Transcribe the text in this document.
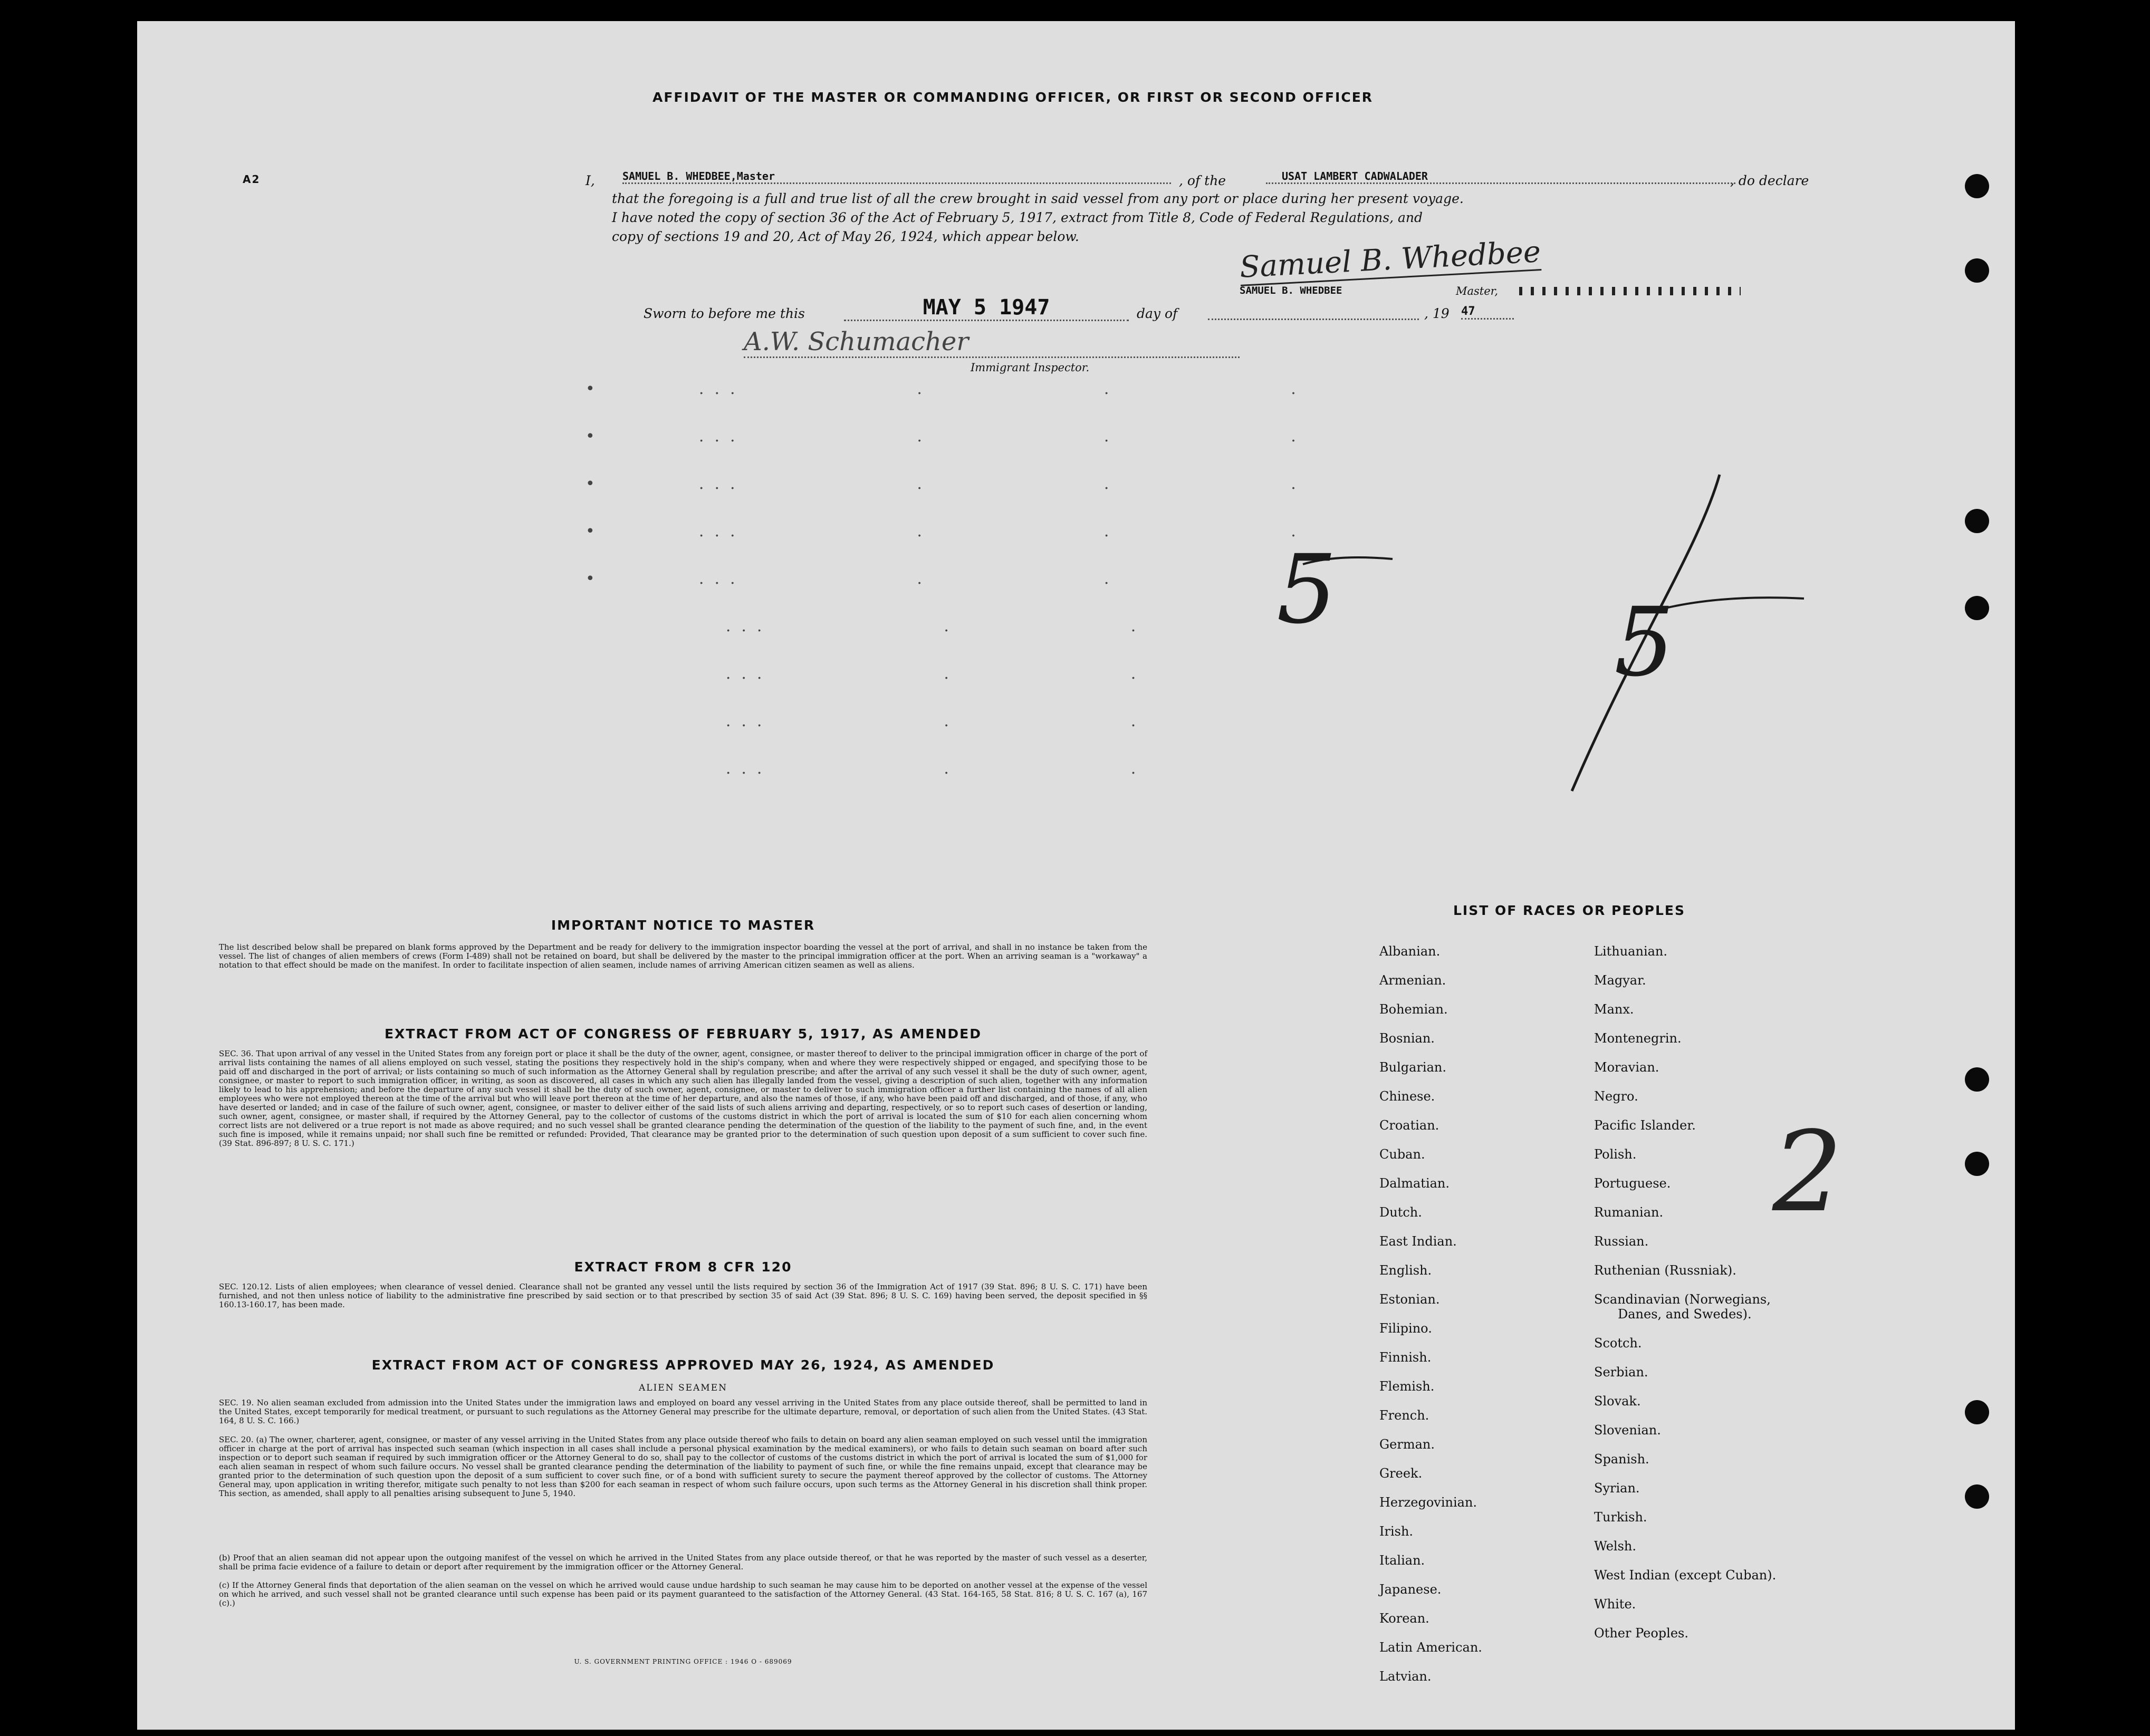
AFFIDAVIT OF THE MASTER OR COMMANDING OFFICER, OR FIRST OR SECOND OFFICER
A2	I,	SAMUEL B. WHEDBEE,Master	, of the	USAT LAMBERT CADWALADER	, do declare
that the foregoing is a full and true list of all the crew brought in said vessel from any port or place during her present voyage.
I have noted the copy of section 36 of the Act of February 5, 1917, extract from Title 8, Code of Federal Regulations, and
copy of sections 19 and 20, Act of May 26, 1924, which appear below.	Samuel B. Whedbee
SAMUEL B. WHEDBEE	Master,
Sworn to before me this	MAY 5 1947	day of	, 19 47
A.W. Schumacher
Immigrant Inspector.
•      ...           .           .           .
•      ...           .           .           .
•      ...           .           .           .
•      ...           .           .           .
•      ...           .           .           .
...           .           .
...           .           .
...           .           .
...           .           .
5	5
IMPORTANT NOTICE TO MASTER
The list described below shall be prepared on blank forms approved by the Department and be ready for delivery to the immigration inspector boarding the vessel at the port of arrival, and shall in no instance be taken from the vessel. The list of changes of alien members of crews (Form I-489) shall not be retained on board, but shall be delivered by the master to the principal immigration officer at the port. When an arriving seaman is a "workaway" a notation to that effect should be made on the manifest. In order to facilitate inspection of alien seamen, include names of arriving American citizen seamen as well as aliens.
EXTRACT FROM ACT OF CONGRESS OF FEBRUARY 5, 1917, AS AMENDED
SEC. 36. That upon arrival of any vessel in the United States from any foreign port or place it shall be the duty of the owner, agent, consignee, or master thereof to deliver to the principal immigration officer in charge of the port of arrival lists containing the names of all aliens employed on such vessel, stating the positions they respectively hold in the ship's company, when and where they were respectively shipped or engaged, and specifying those to be paid off and discharged in the port of arrival; or lists containing so much of such information as the Attorney General shall by regulation prescribe; and after the arrival of any such vessel it shall be the duty of such owner, agent, consignee, or master to report to such immigration officer, in writing, as soon as discovered, all cases in which any such alien has illegally landed from the vessel, giving a description of such alien, together with any information likely to lead to his apprehension; and before the departure of any such vessel it shall be the duty of such owner, agent, consignee, or master to deliver to such immigration officer a further list containing the names of all alien employees who were not employed thereon at the time of the arrival but who will leave port thereon at the time of her departure, and also the names of those, if any, who have been paid off and discharged, and of those, if any, who have deserted or landed; and in case of the failure of such owner, agent, consignee, or master to deliver either of the said lists of such aliens arriving and departing, respectively, or so to report such cases of desertion or landing, such owner, agent, consignee, or master shall, if required by the Attorney General, pay to the collector of customs of the customs district in which the port of arrival is located the sum of $10 for each alien concerning whom correct lists are not delivered or a true report is not made as above required; and no such vessel shall be granted clearance pending the determination of the question of the liability to the payment of such fine, and, in the event such fine is imposed, while it remains unpaid; nor shall such fine be remitted or refunded: Provided, That clearance may be granted prior to the determination of such question upon deposit of a sum sufficient to cover such fine. (39 Stat. 896-897; 8 U. S. C. 171.)
EXTRACT FROM 8 CFR 120
SEC. 120.12. Lists of alien employees; when clearance of vessel denied. Clearance shall not be granted any vessel until the lists required by section 36 of the Immigration Act of 1917 (39 Stat. 896; 8 U. S. C. 171) have been furnished, and not then unless notice of liability to the administrative fine prescribed by said section or to that prescribed by section 35 of said Act (39 Stat. 896; 8 U. S. C. 169) having been served, the deposit specified in §§ 160.13-160.17, has been made.
EXTRACT FROM ACT OF CONGRESS APPROVED MAY 26, 1924, AS AMENDED
ALIEN SEAMEN
SEC. 19. No alien seaman excluded from admission into the United States under the immigration laws and employed on board any vessel arriving in the United States from any place outside thereof, shall be permitted to land in the United States, except temporarily for medical treatment, or pursuant to such regulations as the Attorney General may prescribe for the ultimate departure, removal, or deportation of such alien from the United States. (43 Stat. 164, 8 U. S. C. 166.)
SEC. 20. (a) The owner, charterer, agent, consignee, or master of any vessel arriving in the United States from any place outside thereof who fails to detain on board any alien seaman employed on such vessel until the immigration officer in charge at the port of arrival has inspected such seaman (which inspection in all cases shall include a personal physical examination by the medical examiners), or who fails to detain such seaman on board after such inspection or to deport such seaman if required by such immigration officer or the Attorney General to do so, shall pay to the collector of customs of the customs district in which the port of arrival is located the sum of $1,000 for each alien seaman in respect of whom such failure occurs. No vessel shall be granted clearance pending the determination of the liability to payment of such fine, or while the fine remains unpaid, except that clearance may be granted prior to the determination of such question upon the deposit of a sum sufficient to cover such fine, or of a bond with sufficient surety to secure the payment thereof approved by the collector of customs. The Attorney General may, upon application in writing therefor, mitigate such penalty to not less than $200 for each seaman in respect of whom such failure occurs, upon such terms as the Attorney General in his discretion shall think proper. This section, as amended, shall apply to all penalties arising subsequent to June 5, 1940.
(b) Proof that an alien seaman did not appear upon the outgoing manifest of the vessel on which he arrived in the United States from any place outside thereof, or that he was reported by the master of such vessel as a deserter, shall be prima facie evidence of a failure to detain or deport after requirement by the immigration officer or the Attorney General.
(c) If the Attorney General finds that deportation of the alien seaman on the vessel on which he arrived would cause undue hardship to such seaman he may cause him to be deported on another vessel at the expense of the vessel on which he arrived, and such vessel shall not be granted clearance until such expense has been paid or its payment guaranteed to the satisfaction of the Attorney General. (43 Stat. 164-165, 58 Stat. 816; 8 U. S. C. 167 (a), 167 (c).)
U. S. GOVERNMENT PRINTING OFFICE : 1946 O - 689069
LIST OF RACES OR PEOPLES
Albanian.
Armenian.
Bohemian.
Bosnian.
Bulgarian.
Chinese.
Croatian.
Cuban.
Dalmatian.
Dutch.
East Indian.
English.
Estonian.
Filipino.
Finnish.
Flemish.
French.
German.
Greek.
Herzegovinian.
Irish.
Italian.
Japanese.
Korean.
Latin American.
Latvian.
Lithuanian.
Magyar.
Manx.
Montenegrin.
Moravian.
Negro.
Pacific Islander.
Polish.
Portuguese.
Rumanian.
Russian.
Ruthenian (Russniak).
Scandinavian (Norwegians,
Danes, and Swedes).
Scotch.
Serbian.
Slovak.
Slovenian.
Spanish.
Syrian.
Turkish.
Welsh.
West Indian (except Cuban).
White.
Other Peoples.
2
